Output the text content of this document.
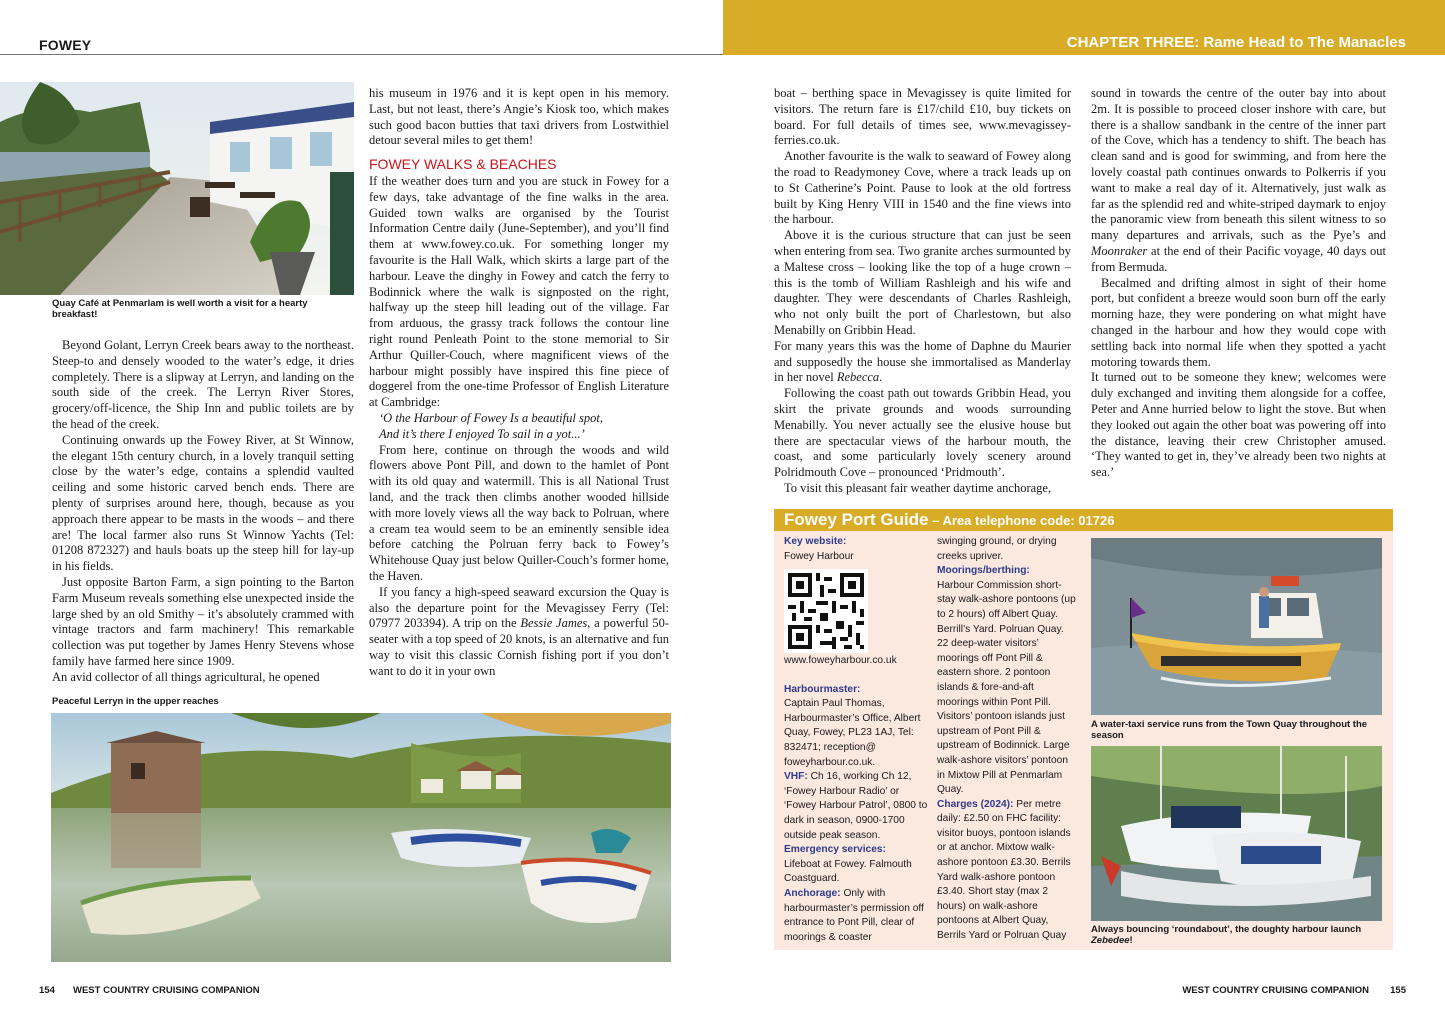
FOWEY	CHAPTER THREE: Rame Head to The Manacles
Quay Café at Penmarlam is well worth a visit for a hearty breakfast!

Beyond Golant, Lerryn Creek bears away to the northeast. Steep-to and densely wooded to the water’s edge, it dries completely. There is a slipway at Lerryn, and landing on the south side of the creek. The Lerryn River Stores, grocery/off-licence, the Ship Inn and public toilets are by the head of the creek.

Continuing onwards up the Fowey River, at St Winnow, the elegant 15th century church, in a lovely tranquil setting close by the water’s edge, contains a splendid vaulted ceiling and some historic carved bench ends. There are plenty of surprises around here, though, because as you approach there appear to be masts in the woods – and there are! The local farmer also runs St Winnow Yachts (Tel: 01208 872327) and hauls boats up the steep hill for lay-up in his fields.

Just opposite Barton Farm, a sign pointing to the Barton Farm Museum reveals something else unexpected inside the large shed by an old Smithy – it’s absolutely crammed with vintage tractors and farm machinery! This remarkable collection was put together by James Henry Stevens whose family have farmed here since 1909.

An avid collector of all things agricultural, he opened

his museum in 1976 and it is kept open in his memory. Last, but not least, there’s Angie’s Kiosk too, which makes such good bacon butties that taxi drivers from Lostwithiel detour several miles to get them!

FOWEY WALKS & BEACHES

If the weather does turn and you are stuck in Fowey for a few days, take advantage of the fine walks in the area. Guided town walks are organised by the Tourist Information Centre daily (June-September), and you’ll find them at www.fowey.co.uk. For something longer my favourite is the Hall Walk, which skirts a large part of the harbour. Leave the dinghy in Fowey and catch the ferry to Bodinnick where the walk is signposted on the right, halfway up the steep hill leading out of the village. Far from arduous, the grassy track follows the contour line right round Penleath Point to the stone memorial to Sir Arthur Quiller-Couch, where magnificent views of the harbour might possibly have inspired this fine piece of doggerel from the one-time Professor of English Literature at Cambridge:

‘O the Harbour of Fowey Is a beautiful spot,

And it’s there I enjoyed To sail in a yot...’

From here, continue on through the woods and wild flowers above Pont Pill, and down to the hamlet of Pont with its old quay and watermill. This is all National Trust land, and the track then climbs another wooded hillside with more lovely views all the way back to Polruan, where a cream tea would seem to be an eminently sensible idea before catching the Polruan ferry back to Fowey’s Whitehouse Quay just below Quiller-Couch’s former home, the Haven.

If you fancy a high-speed seaward excursion the Quay is also the departure point for the Mevagissey Ferry (Tel: 07977 203394). A trip on the Bessie James, a powerful 50-seater with a top speed of 20 knots, is an alternative and fun way to visit this classic Cornish fishing port if you don’t want to do it in your own

Peaceful Lerryn in the upper reaches

boat – berthing space in Mevagissey is quite limited for visitors. The return fare is £17/child £10, buy tickets on board. For full details of times see, www.mevagissey-ferries.co.uk.

Another favourite is the walk to seaward of Fowey along the road to Readymoney Cove, where a track leads up on to St Catherine’s Point. Pause to look at the old fortress built by King Henry VIII in 1540 and the fine views into the harbour.

Above it is the curious structure that can just be seen when entering from sea. Two granite arches surmounted by a Maltese cross – looking like the top of a huge crown – this is the tomb of William Rashleigh and his wife and daughter. They were descendants of Charles Rashleigh, who not only built the port of Charlestown, but also Menabilly on Gribbin Head.

For many years this was the home of Daphne du Maurier and supposedly the house she immortalised as Manderlay in her novel Rebecca.

Following the coast path out towards Gribbin Head, you skirt the private grounds and woods surrounding Menabilly. You never actually see the elusive house but there are spectacular views of the harbour mouth, the coast, and some particularly lovely scenery around Polridmouth Cove – pronounced ‘Pridmouth’.

To visit this pleasant fair weather daytime anchorage,

sound in towards the centre of the outer bay into about 2m. It is possible to proceed closer inshore with care, but there is a shallow sandbank in the centre of the inner part of the Cove, which has a tendency to shift. The beach has clean sand and is good for swimming, and from here the lovely coastal path continues onwards to Polkerris if you want to make a real day of it. Alternatively, just walk as far as the splendid red and white-striped daymark to enjoy the panoramic view from beneath this silent witness to so many departures and arrivals, such as the Pye’s and Moonraker at the end of their Pacific voyage, 40 days out from Bermuda.

Becalmed and drifting almost in sight of their home port, but confident a breeze would soon burn off the early morning haze, they were pondering on what might have changed in the harbour and how they would cope with settling back into normal life when they spotted a yacht motoring towards them.

It turned out to be someone they knew; welcomes were duly exchanged and inviting them alongside for a coffee, Peter and Anne hurried below to light the stove. But when they looked out again the other boat was powering off into the distance, leaving their crew Christopher amused. ‘They wanted to get in, they’ve already been two nights at sea.’

Fowey Port Guide – Area telephone code: 01726
Key website:
Fowey Harbour
www.foweyharbour.co.uk
Harbourmaster:
Captain Paul Thomas, Harbourmaster’s Office, Albert Quay, Fowey, PL23 1AJ, Tel: 832471; reception@ foweyharbour.co.uk.
VHF: Ch 16, working Ch 12, ‘Fowey Harbour Radio’ or ‘Fowey Harbour Patrol’, 0800 to dark in season, 0900-1700 outside peak season.
Emergency services:
Lifeboat at Fowey. Falmouth Coastguard.
Anchorage: Only with harbourmaster’s permission off entrance to Pont Pill, clear of moorings & coaster
swinging ground, or drying creeks upriver.
Moorings/berthing:
Harbour Commission short-stay walk-ashore pontoons (up to 2 hours) off Albert Quay. Berrill’s Yard. Polruan Quay. 22 deep-water visitors’ moorings off Pont Pill & eastern shore. 2 pontoon islands & fore-and-aft moorings within Pont Pill. Visitors’ pontoon islands just upstream of Pont Pill & upstream of Bodinnick. Large walk-ashore visitors’ pontoon in Mixtow Pill at Penmarlam Quay.
Charges (2024): Per metre daily: £2.50 on FHC facility: visitor buoys, pontoon islands or at anchor. Mixtow walk-ashore pontoon £3.30. Berrils Yard walk-ashore pontoon £3.40. Short stay (max 2 hours) on walk-ashore pontoons at Albert Quay, Berrils Yard or Polruan Quay
A water-taxi service runs from the Town Quay throughout the season
Always bouncing ‘roundabout’, the doughty harbour launch Zebedee!
154 WEST COUNTRY CRUISING COMPANION	WEST COUNTRY CRUISING COMPANION 155
